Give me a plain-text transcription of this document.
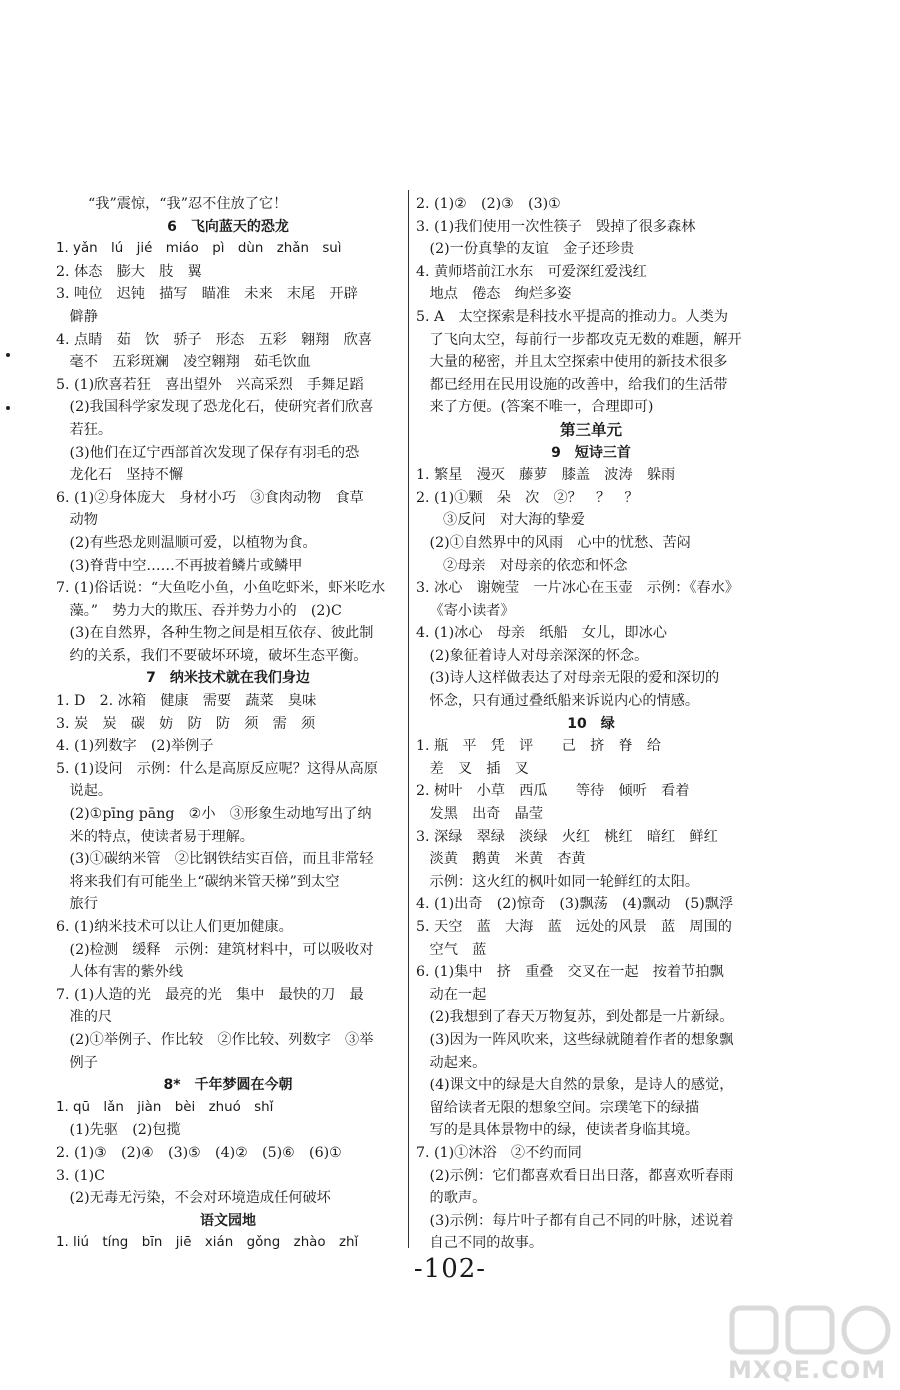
“我”震惊，“我”忍不住放了它！
6　飞向蓝天的恐龙
1. yǎn　lú　jié　miáo　pì　dùn　zhǎn　suì
2. 体态　膨大　肢　翼
3. 吨位　迟钝　描写　瞄准　未来　末尾　开辟
僻静
4. 点睛　茹　饮　骄子　形态　五彩　翱翔　欣喜
毫不　五彩斑斓　凌空翱翔　茹毛饮血
5. (1)欣喜若狂　喜出望外　兴高采烈　手舞足蹈
(2)我国科学家发现了恐龙化石，使研究者们欣喜
若狂。
(3)他们在辽宁西部首次发现了保存有羽毛的恐
龙化石　坚持不懈
6. (1)②身体庞大　身材小巧　③食肉动物　食草
动物
(2)有些恐龙则温顺可爱，以植物为食。
(3)脊背中空……不再披着鳞片或鳞甲
7. (1)俗话说：“大鱼吃小鱼，小鱼吃虾米，虾米吃水
藻。”　势力大的欺压、吞并势力小的　(2)C
(3)在自然界，各种生物之间是相互依存、彼此制
约的关系，我们不要破坏环境，破坏生态平衡。
7　纳米技术就在我们身边
1. D　2. 冰箱　健康　需要　蔬菜　臭味
3. 炭　炭　碳　妨　防　防　须　需　须
4. (1)列数字　(2)举例子
5. (1)设问　示例：什么是高原反应呢？这得从高原
说起。
(2)①pīng pāng　②小　③形象生动地写出了纳
米的特点，使读者易于理解。
(3)①碳纳米管　②比钢铁结实百倍，而且非常轻
将来我们有可能坐上“碳纳米管天梯”到太空
旅行
6. (1)纳米技术可以让人们更加健康。
(2)检测　缓释　示例：建筑材料中，可以吸收对
人体有害的紫外线
7. (1)人造的光　最亮的光　集中　最快的刀　最
准的尺
(2)①举例子、作比较　②作比较、列数字　③举
例子
8*　千年梦圆在今朝
1. qū　lǎn　jiàn　bèi　zhuó　shǐ
(1)先驱　(2)包揽
2. (1)③　(2)④　(3)⑤　(4)②　(5)⑥　(6)①
3. (1)C
(2)无毒无污染，不会对环境造成任何破坏
语文园地
1. liú　tíng　bīn　jiē　xián　gǒng　zhào　zhǐ
2. (1)②　(2)③　(3)①
3. (1)我们使用一次性筷子　毁掉了很多森林
(2)一份真挚的友谊　金子还珍贵
4. 黄师塔前江水东　可爱深红爱浅红
地点　倦态　绚烂多姿
5. A　太空探索是科技水平提高的推动力。人类为
了飞向太空，每前行一步都攻克无数的难题，解开
大量的秘密，并且太空探索中使用的新技术很多
都已经用在民用设施的改善中，给我们的生活带
来了方便。(答案不唯一，合理即可)
第三单元
9　短诗三首
1. 繁星　漫灭　藤萝　膝盖　波涛　躲雨
2. (1)①颗　朵　次　②？　？　？
③反问　对大海的挚爱
(2)①自然界中的风雨　心中的忧愁、苦闷
②母亲　对母亲的依恋和怀念
3. 冰心　谢婉莹　一片冰心在玉壶　示例：《春水》
《寄小读者》
4. (1)冰心　母亲　纸船　女儿，即冰心
(2)象征着诗人对母亲深深的怀念。
(3)诗人这样做表达了对母亲无限的爱和深切的
怀念，只有通过叠纸船来诉说内心的情感。
10　绿
1. 瓶　平　凭　评　　己　挤　脊　给
差　叉　插　叉
2. 树叶　小草　西瓜　　等待　倾听　看着
发黑　出奇　晶莹
3. 深绿　翠绿　淡绿　火红　桃红　暗红　鲜红
淡黄　鹅黄　米黄　杏黄
示例：这火红的枫叶如同一轮鲜红的太阳。
4. (1)出奇　(2)惊奇　(3)飘荡　(4)飘动　(5)飘浮
5. 天空　蓝　大海　蓝　远处的风景　蓝　周围的
空气　蓝
6. (1)集中　挤　重叠　交叉在一起　按着节拍飘
动在一起
(2)我想到了春天万物复苏，到处都是一片新绿。
(3)因为一阵风吹来，这些绿就随着作者的想象飘
动起来。
(4)课文中的绿是大自然的景象，是诗人的感觉，
留给读者无限的想象空间。宗璞笔下的绿描
写的是具体景物中的绿，使读者身临其境。
7. (1)①沐浴　②不约而同
(2)示例：它们都喜欢看日出日落，都喜欢听春雨
的歌声。
(3)示例：每片叶子都有自己不同的叶脉，述说着
自己不同的故事。
-102-
MXQE.COM
